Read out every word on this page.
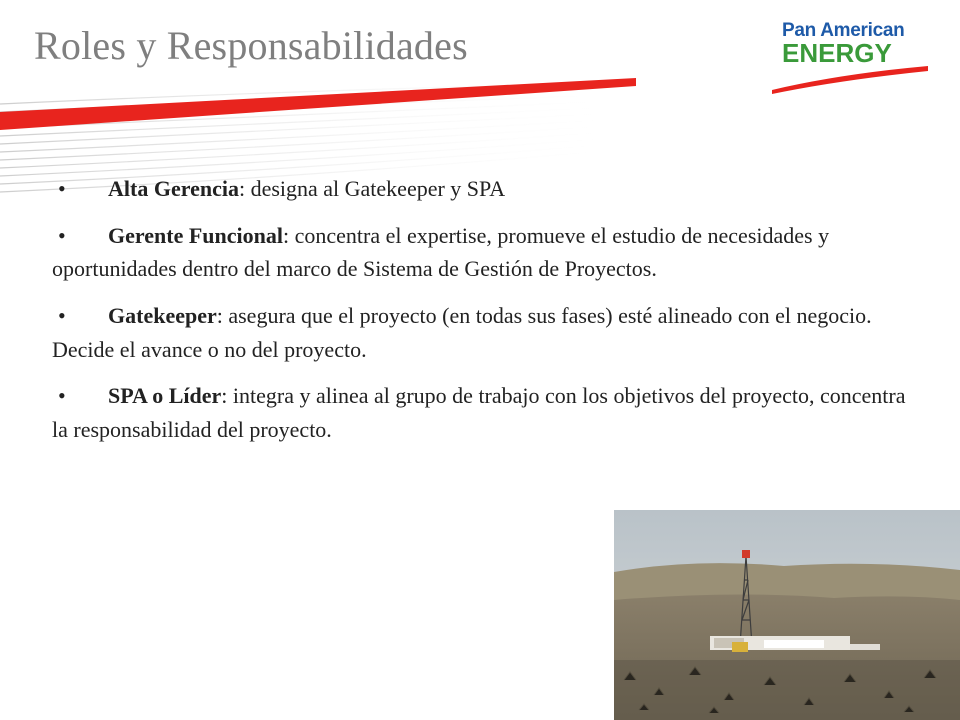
Roles y Responsabilidades	Pan American
ENERGY
• Alta Gerencia: designa al Gatekeeper y SPA
• Gerente Funcional: concentra el expertise, promueve el estudio de necesidades y oportunidades dentro del marco de Sistema de Gestión de Proyectos.
• Gatekeeper: asegura que el proyecto (en todas sus fases) esté alineado con el negocio. Decide el avance o no del proyecto.
• SPA o Líder: integra y alinea al grupo de trabajo con los objetivos del proyecto, concentra la responsabilidad del proyecto.
